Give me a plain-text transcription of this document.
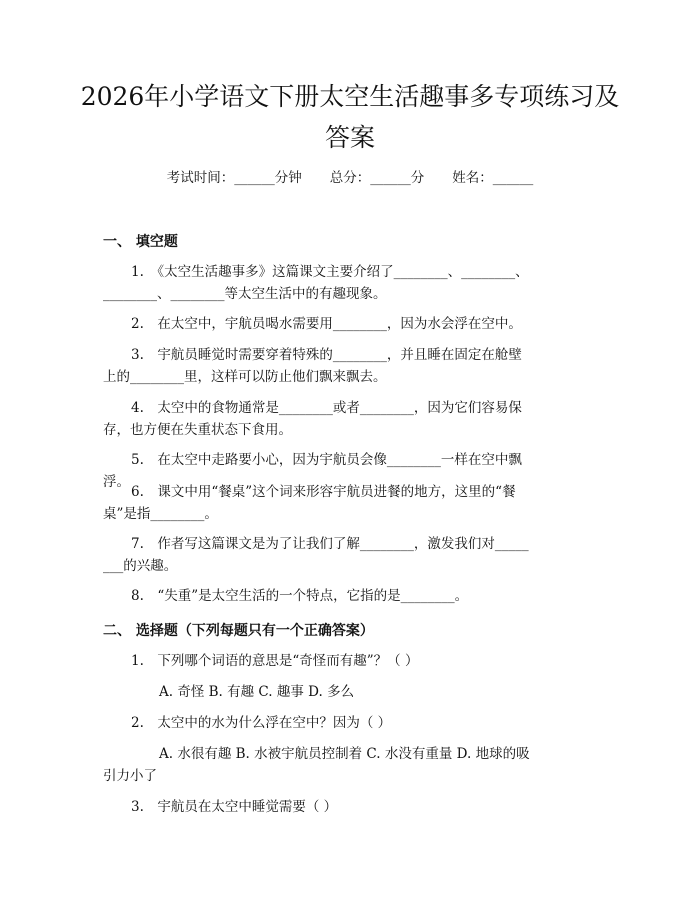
2026年小学语文下册太空生活趣事多专项练习及答案
考试时间：______分钟 总分：______分 姓名：______
一、 填空题
1.　《太空生活趣事多》这篇课文主要介绍了________、________、________、________等太空生活中的有趣现象。
2.　在太空中，宇航员喝水需要用________，因为水会浮在空中。
3.　宇航员睡觉时需要穿着特殊的________，并且睡在固定在舱壁上的________里，这样可以防止他们飘来飘去。
4.　太空中的食物通常是________或者________，因为它们容易保存，也方便在失重状态下食用。
5.　在太空中走路要小心，因为宇航员会像________一样在空中飘浮。
6.　课文中用“餐桌”这个词来形容宇航员进餐的地方，这里的“餐桌”是指________。
7.　作者写这篇课文是为了让我们了解________，激发我们对________的兴趣。
8.　“失重”是太空生活的一个特点，它指的是________。
二、 选择题（下列每题只有一个正确答案）
1.　下列哪个词语的意思是“奇怪而有趣”？（ ）
A. 奇怪 B. 有趣 C. 趣事 D. 多么
2.　太空中的水为什么浮在空中？因为（ ）
A. 水很有趣 B. 水被宇航员控制着 C. 水没有重量 D. 地球的吸引力小了
3.　宇航员在太空中睡觉需要（ ）
